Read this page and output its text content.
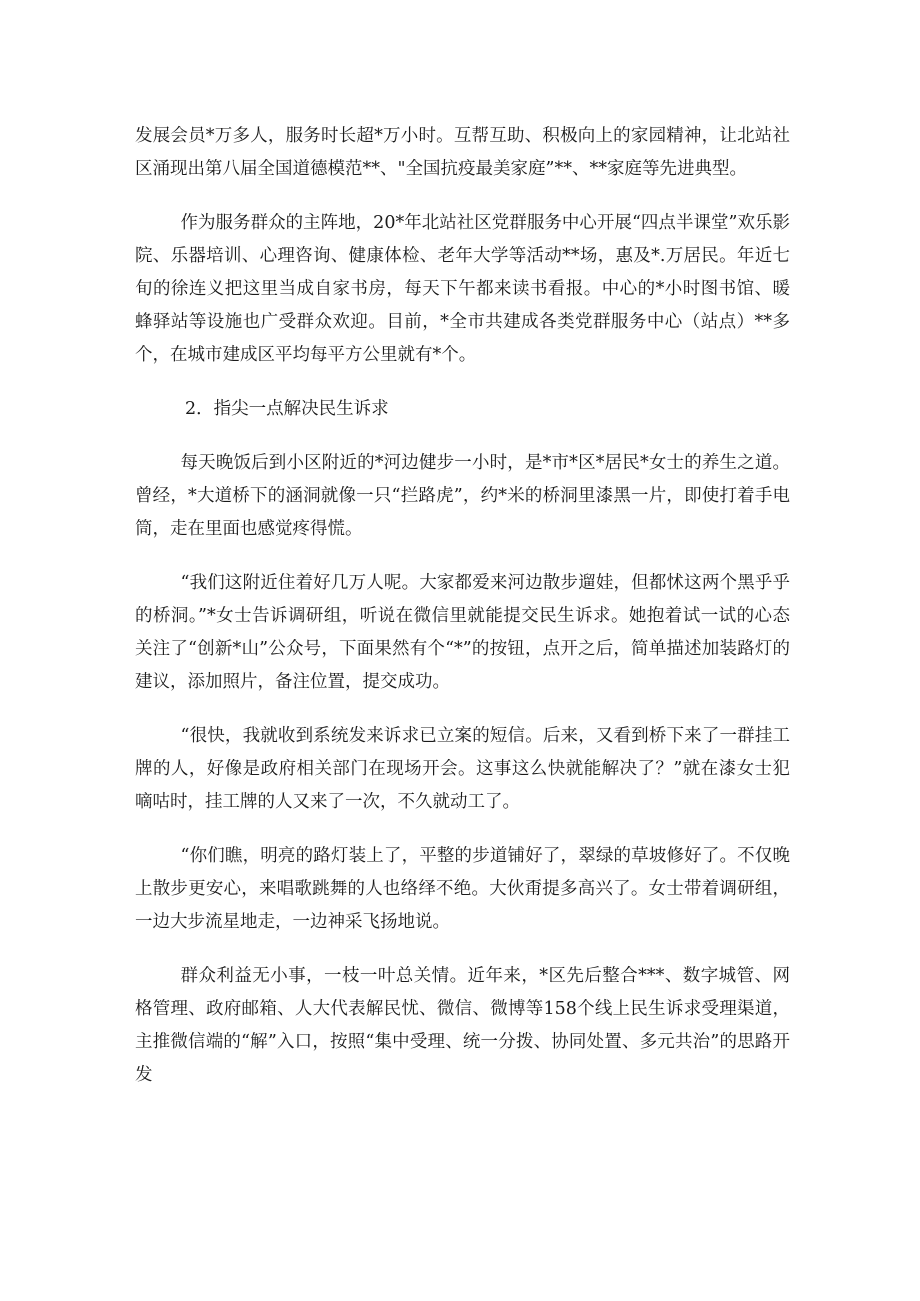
发展会员*万多人，服务时长超*万小时。互帮互助、积极向上的家园精神，让北站社区涌现出第八届全国道德模范**、"全国抗疫最美家庭”**、**家庭等先进典型。

作为服务群众的主阵地，20*年北站社区党群服务中心开展“四点半课堂”欢乐影院、乐器培训、心理咨询、健康体检、老年大学等活动**场，惠及*.万居民。年近七旬的徐连义把这里当成自家书房，每天下午都来读书看报。中心的*小时图书馆、暖蜂驿站等设施也广受群众欢迎。目前，*全市共建成各类党群服务中心（站点）**多个，在城市建成区平均每平方公里就有*个。

2．指尖一点解决民生诉求

每天晚饭后到小区附近的*河边健步一小时，是*市*区*居民*女士的养生之道。曾经，*大道桥下的涵洞就像一只“拦路虎”，约*米的桥洞里漆黑一片，即使打着手电筒，走在里面也感觉疼得慌。

“我们这附近住着好几万人呢。大家都爱来河边散步遛娃，但都怵这两个黑乎乎的桥洞。”*女士告诉调研组，听说在微信里就能提交民生诉求。她抱着试一试的心态关注了“创新*山”公众号，下面果然有个“*”的按钮，点开之后，简单描述加装路灯的建议，添加照片，备注位置，提交成功。

“很快，我就收到系统发来诉求已立案的短信。后来，又看到桥下来了一群挂工牌的人，好像是政府相关部门在现场开会。这事这么快就能解决了？”就在漆女士犯嘀咕时，挂工牌的人又来了一次，不久就动工了。

“你们瞧，明亮的路灯装上了，平整的步道铺好了，翠绿的草坡修好了。不仅晚上散步更安心，来唱歌跳舞的人也络绎不绝。大伙甭提多高兴了。女士带着调研组，一边大步流星地走，一边神采飞扬地说。

群众利益无小事，一枝一叶总关情。近年来，*区先后整合***、数字城管、网格管理、政府邮箱、人大代表解民忧、微信、微博等158个线上民生诉求受理渠道，主推微信端的“解”入口，按照“集中受理、统一分拨、协同处置、多元共治”的思路开发
